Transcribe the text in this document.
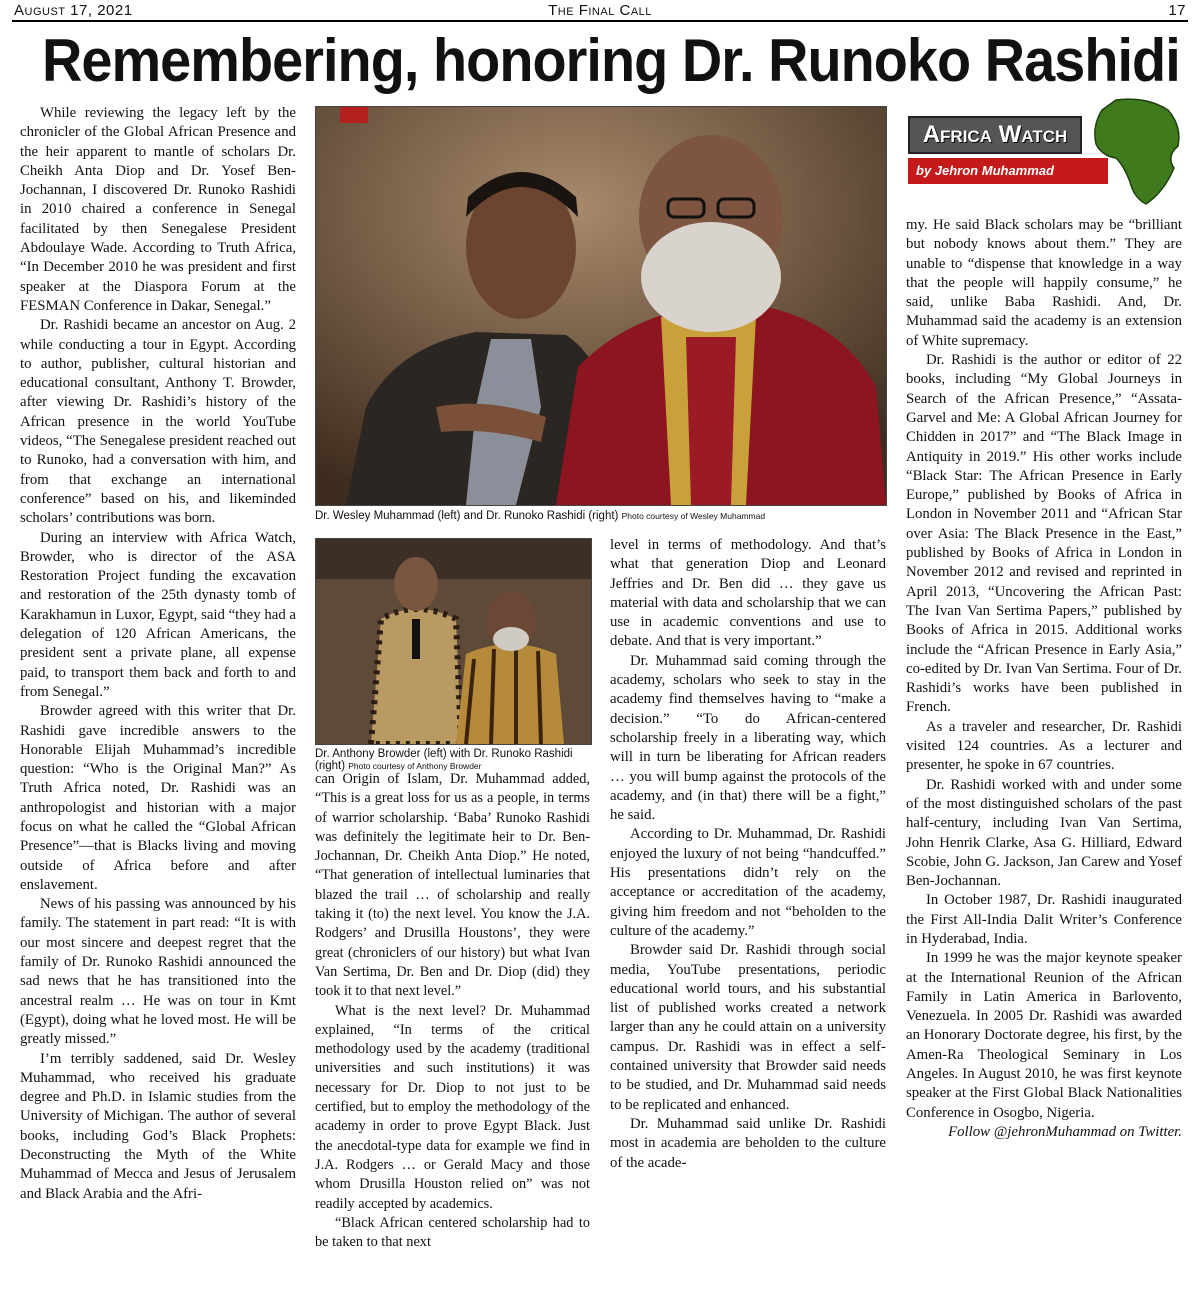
August 17, 2021	The Final Call	17
Remembering, honoring Dr. Runoko Rashidi

While reviewing the legacy left by the chronicler of the Global African Presence and the heir apparent to mantle of scholars Dr. Cheikh Anta Diop and Dr. Yosef Ben-Jochannan, I discovered Dr. Runoko Rashidi in 2010 chaired a conference in Senegal facilitated by then Senegalese President Abdoulaye Wade. According to Truth Africa, “In December 2010 he was president and first speaker at the Diaspora Forum at the FESMAN Conference in Dakar, Senegal.”

Dr. Rashidi became an ancestor on Aug. 2 while conducting a tour in Egypt. According to author, publisher, cultural historian and educational consultant, Anthony T. Browder, after viewing Dr. Rashidi’s history of the African presence in the world YouTube videos, “The Senegalese president reached out to Runoko, had a conversation with him, and from that exchange an international conference” based on his, and likeminded scholars’ contributions was born.

During an interview with Africa Watch, Browder, who is director of the ASA Restoration Project funding the excavation and restoration of the 25th dynasty tomb of Karakhamun in Luxor, Egypt, said “they had a delegation of 120 African Americans, the president sent a private plane, all expense paid, to transport them back and forth to and from Senegal.”

Browder agreed with this writer that Dr. Rashidi gave incredible answers to the Honorable Elijah Muhammad’s incredible question: “Who is the Original Man?” As Truth Africa noted, Dr. Rashidi was an anthropologist and historian with a major focus on what he called the “Global African Presence”—that is Blacks living and moving outside of Africa before and after enslavement.

News of his passing was announced by his family. The statement in part read: “It is with our most sincere and deepest regret that the family of Dr. Runoko Rashidi announced the sad news that he has transitioned into the ancestral realm … He was on tour in Kmt (Egypt), doing what he loved most. He will be greatly missed.”

I’m terribly saddened, said Dr. Wesley Muhammad, who received his graduate degree and Ph.D. in Islamic studies from the University of Michigan. The author of several books, including God’s Black Prophets: Deconstructing the Myth of the White Muhammad of Mecca and Jesus of Jerusalem and Black Arabia and the Afri-

Dr. Wesley Muhammad (left) and Dr. Runoko Rashidi (right) Photo courtesy of Wesley Muhammad
Dr. Anthony Browder (left) with Dr. Runoko Rashidi (right) Photo courtesy of Anthony Browder

can Origin of Islam, Dr. Muhammad added, “This is a great loss for us as a people, in terms of warrior scholarship. ‘Baba’ Runoko Rashidi was definitely the legitimate heir to Dr. Ben-Jochannan, Dr. Cheikh Anta Diop.” He noted, “That generation of intellectual luminaries that blazed the trail … of scholarship and really taking it (to) the next level. You know the J.A. Rodgers’ and Drusilla Houstons’, they were great (chroniclers of our history) but what Ivan Van Sertima, Dr. Ben and Dr. Diop (did) they took it to that next level.”

What is the next level? Dr. Muhammad explained, “In terms of the critical methodology used by the academy (traditional universities and such institutions) it was necessary for Dr. Diop to not just to be certified, but to employ the methodology of the academy in order to prove Egypt Black. Just the anecdotal-type data for example we find in J.A. Rodgers … or Gerald Macy and those whom Drusilla Houston relied on” was not readily accepted by academics.

“Black African centered scholarship had to be taken to that next

level in terms of methodology. And that’s what that generation Diop and Leonard Jeffries and Dr. Ben did … they gave us material with data and scholarship that we can use in academic conventions and use to debate. And that is very important.”

Dr. Muhammad said coming through the academy, scholars who seek to stay in the academy find themselves having to “make a decision.” “To do African-centered scholarship freely in a liberating way, which will in turn be liberating for African readers … you will bump against the protocols of the academy, and (in that) there will be a fight,” he said.

According to Dr. Muhammad, Dr. Rashidi enjoyed the luxury of not being “handcuffed.” His presentations didn’t rely on the acceptance or accreditation of the academy, giving him freedom and not “beholden to the culture of the academy.”

Browder said Dr. Rashidi through social media, YouTube presentations, periodic educational world tours, and his substantial list of published works created a network larger than any he could attain on a university campus. Dr. Rashidi was in effect a self-contained university that Browder said needs to be studied, and Dr. Muhammad said needs to be replicated and enhanced.

Dr. Muhammad said unlike Dr. Rashidi most in academia are beholden to the culture of the acade-

Africa Watch
by Jehron Muhammad

my. He said Black scholars may be “brilliant but nobody knows about them.” They are unable to “dispense that knowledge in a way that the people will happily consume,” he said, unlike Baba Rashidi. And, Dr. Muhammad said the academy is an extension of White supremacy.

Dr. Rashidi is the author or editor of 22 books, including “My Global Journeys in Search of the African Presence,” “Assata-Garvel and Me: A Global African Journey for Chidden in 2017” and “The Black Image in Antiquity in 2019.” His other works include “Black Star: The African Presence in Early Europe,” published by Books of Africa in London in November 2011 and “African Star over Asia: The Black Presence in the East,” published by Books of Africa in London in November 2012 and revised and reprinted in April 2013, “Uncovering the African Past: The Ivan Van Sertima Papers,” published by Books of Africa in 2015. Additional works include the “African Presence in Early Asia,” co-edited by Dr. Ivan Van Sertima. Four of Dr. Rashidi’s works have been published in French.

As a traveler and researcher, Dr. Rashidi visited 124 countries. As a lecturer and presenter, he spoke in 67 countries.

Dr. Rashidi worked with and under some of the most distinguished scholars of the past half-century, including Ivan Van Sertima, John Henrik Clarke, Asa G. Hilliard, Edward Scobie, John G. Jackson, Jan Carew and Yosef Ben-Jochannan.

In October 1987, Dr. Rashidi inaugurated the First All-India Dalit Writer’s Conference in Hyderabad, India.

In 1999 he was the major keynote speaker at the International Reunion of the African Family in Latin America in Barlovento, Venezuela. In 2005 Dr. Rashidi was awarded an Honorary Doctorate degree, his first, by the Amen-Ra Theological Seminary in Los Angeles. In August 2010, he was first keynote speaker at the First Global Black Nationalities Conference in Osogbo, Nigeria.

Follow @jehronMuhammad on Twitter.
